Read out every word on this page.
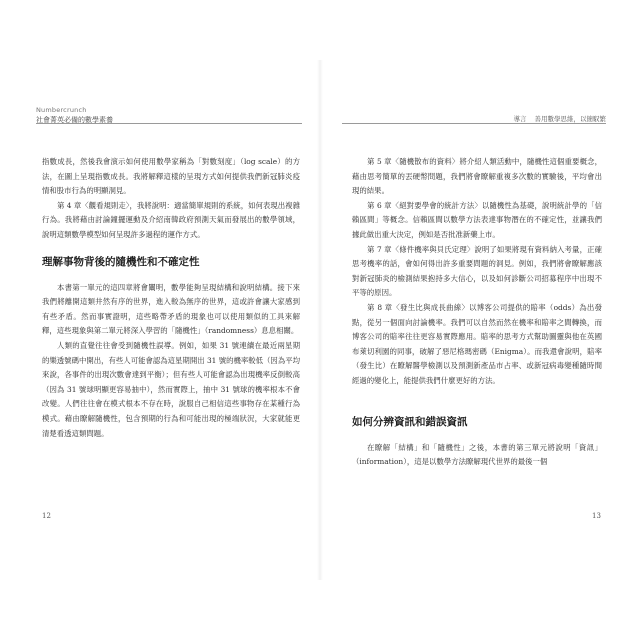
Numbercrunch
社會菁英必備的數學素養	導言 善用數學思維，以簡馭繁

指數成長，然後我會演示如何使用數學家稱為「對數刻度」（log scale）的方法，在圖上呈現指數成長。我將解釋這樣的呈現方式如何提供我們新冠肺炎疫情和股市行為的明顯洞見。

第 4 章〈觀看規則走〉，我將說明：適當簡單規則的系統，如何表現出複雜行為。我將藉由討論鐘擺運動及介紹南韓政府預測天氣而發展出的數學領域，說明這類數學模型如何呈現許多過程的運作方式。

理解事物背後的隨機性和不確定性

本書第一單元的這四章將會闡明，數學能夠呈現結構和說明結構。接下來我們將離開這類井然有序的世界，進入較為無序的世界，這或許會讓大家感到有些矛盾。然而事實證明，這些略帶矛盾的現象也可以使用類似的工具來解釋，這些現象與第二單元將深入學習的「隨機性」（randomness）息息相關。

人類的直覺往往會受到隨機性誤導。例如，如果 31 號連續在最近兩星期的樂透號碼中開出，有些人可能會認為這星期開出 31 號的機率較低（因為平均來說，各事件的出現次數會達到平衡）；但有些人可能會認為出現機率反倒較高（因為 31 號球明顯更容易抽中），然而實際上，抽中 31 號球的機率根本不會改變。人們往往會在模式根本不存在時，說服自己相信這些事物存在某種行為模式。藉由瞭解隨機性，包含預期的行為和可能出現的極端狀況，大家就能更清楚看透這類問題。

第 5 章〈隨機散布的資料〉將介紹人類活動中，隨機性這個重要概念，藉由思考簡單的丟硬幣問題，我們將會瞭解重複多次數的實驗後，平均會出現的結果。

第 6 章〈絕對要學會的統計方法〉以隨機性為基礎，說明統計學的「信賴區間」等概念。信賴區間以數學方法表達事物潛在的不確定性，並讓我們據此做出重大決定，例如是否批准新藥上市。

第 7 章〈條件機率與貝氏定理〉說明了如果將現有資料納入考量，正確思考機率的話，會如何得出許多重要問題的洞見。例如，我們將會瞭解應該對新冠肺炎的檢測結果抱持多大信心，以及如何診斷公司招募程序中出現不平等的原因。

第 8 章〈發生比與成長曲線〉以博客公司提供的賠率（odds）為出發點，從另一個面向討論機率。我們可以自然而然在機率和賠率之間轉換，而博客公司的賠率往往更容易實際應用。賠率的思考方式幫助圖靈與他在英國布萊切利園的同事，破解了惡尼格瑪密碼（Enigma）。而我還會說明，賠率（發生比）在瞭解醫學檢測以及預測新產品市占率、或新冠病毒變種隨時間經過的變化上，能提供我們什麼更好的方法。

如何分辨資訊和錯誤資訊

在瞭解「結構」和「隨機性」之後，本書的第三單元將說明「資訊」（information），這是以數學方法瞭解現代世界的最後一個

12	13
